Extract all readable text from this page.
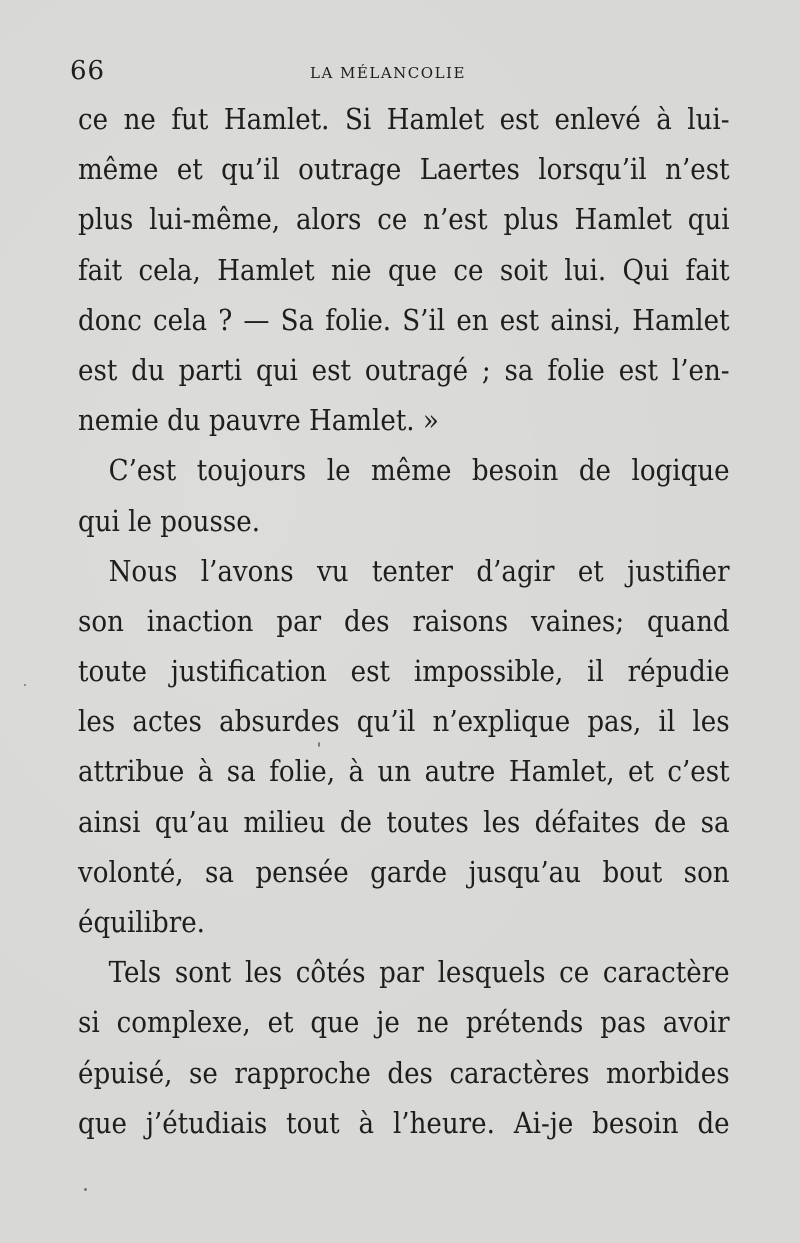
66	LA MÉLANCOLIE
ce ne fut Hamlet. Si Hamlet est enlevé à lui-
même et qu’il outrage Laertes lorsqu’il n’est
plus lui-même, alors ce n’est plus Hamlet qui
fait cela, Hamlet nie que ce soit lui. Qui fait
donc cela ? — Sa folie. S’il en est ainsi, Hamlet
est du parti qui est outragé ; sa folie est l’en-
nemie du pauvre Hamlet. »
C’est toujours le même besoin de logique
qui le pousse.
Nous l’avons vu tenter d’agir et justifier
son inaction par des raisons vaines; quand
toute justification est impossible, il répudie
les actes absurdes qu’il n’explique pas, il les
attribue à sa folie, à un autre Hamlet, et c’est
ainsi qu’au milieu de toutes les défaites de sa
volonté, sa pensée garde jusqu’au bout son
équilibre.
Tels sont les côtés par lesquels ce caractère
si complexe, et que je ne prétends pas avoir
épuisé, se rapproche des caractères morbides
que j’étudiais tout à l’heure. Ai-je besoin de
